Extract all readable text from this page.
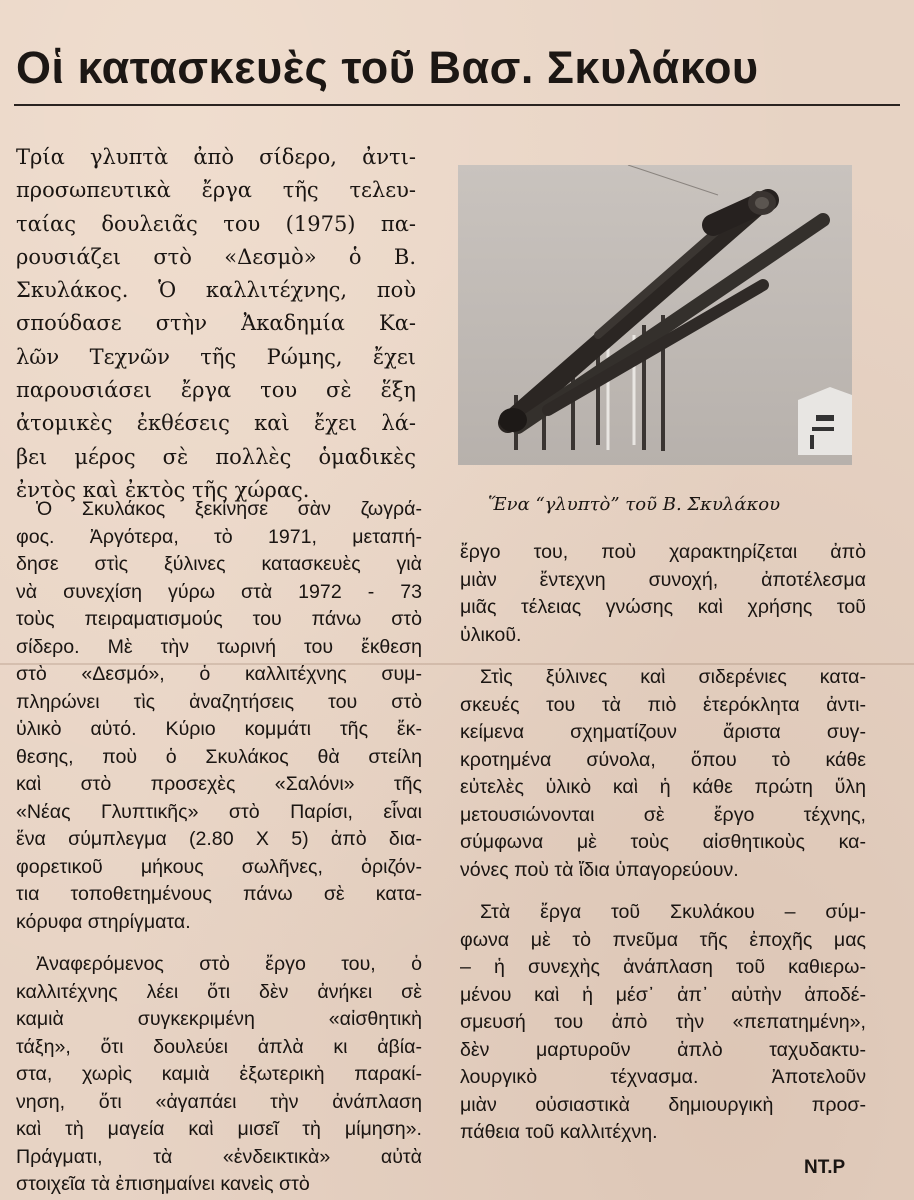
Οἱ κατασκευὲς τοῦ Βασ. Σκυλάκου
Τρία γλυπτὰ ἀπὸ σίδερο, ἀντι-
προσωπευτικὰ ἔργα τῆς τελευ-
ταίας δουλειᾶς του (1975) πα-
ρουσιάζει στὸ «Δεσμὸ» ὁ Β.
Σκυλάκος. Ὁ καλλιτέχνης, ποὺ
σπούδασε στὴν Ἀκαδημία Κα-
λῶν Τεχνῶν τῆς Ρώμης, ἔχει
παρουσιάσει ἔργα του σὲ ἕξη
ἀτομικὲς ἐκθέσεις καὶ ἔχει λά-
βει μέρος σὲ πολλὲς ὁμαδικὲς
ἐντὸς καὶ ἐκτὸς τῆς χώρας.
Ἕνα “γλυπτὸ” τοῦ Β. Σκυλάκου

Ὁ Σκυλάκος ξεκίνησε σὰν ζωγρά-
φος. Ἀργότερα, τὸ 1971, μεταπή-
δησε στὶς ξύλινες κατασκευὲς γιὰ
νὰ συνεχίση γύρω στὰ 1972 - 73
τοὺς πειραματισμούς του πάνω στὸ
σίδερο. Μὲ τὴν τωρινή του ἔκθεση
στὸ «Δεσμό», ὁ καλλιτέχνης συμ-
πληρώνει τὶς ἀναζητήσεις του στὸ
ὑλικὸ αὐτό. Κύριο κομμάτι τῆς ἔκ-
θεσης, ποὺ ὁ Σκυλάκος θὰ στείλη
καὶ στὸ προσεχὲς «Σαλόνι» τῆς
«Νέας Γλυπτικῆς» στὸ Παρίσι, εἶναι
ἕνα σύμπλεγμα (2.80 Χ 5) ἀπὸ δια-
φορετικοῦ μήκους σωλῆνες, ὁριζόν-
τια τοποθετημένους πάνω σὲ κατα-
κόρυφα στηρίγματα.

Ἀναφερόμενος στὸ ἔργο του, ὁ
καλλιτέχνης λέει ὅτι δὲν ἀνήκει σὲ
καμιὰ συγκεκριμένη «αἰσθητικὴ
τάξη», ὅτι δουλεύει ἁπλὰ κι ἀβία-
στα, χωρὶς καμιὰ ἐξωτερικὴ παρακί-
νηση, ὅτι «ἀγαπάει τὴν ἀνάπλαση
καὶ τὴ μαγεία καὶ μισεῖ τὴ μίμηση».
Πράγματι, τὰ «ἐνδεικτικὰ» αὐτὰ
στοιχεῖα τὰ ἐπισημαίνει κανεὶς στὸ

ἔργο του, ποὺ χαρακτηρίζεται ἀπὸ
μιὰν ἔντεχνη συνοχή, ἀποτέλεσμα
μιᾶς τέλειας γνώσης καὶ χρήσης τοῦ
ὑλικοῦ.

Στὶς ξύλινες καὶ σιδερένιες κατα-
σκευές του τὰ πιὸ ἑτερόκλητα ἀντι-
κείμενα σχηματίζουν ἄριστα συγ-
κροτημένα σύνολα, ὅπου τὸ κάθε
εὐτελὲς ὑλικὸ καὶ ἡ κάθε πρώτη ὕλη
μετουσιώνονται σὲ ἔργο τέχνης,
σύμφωνα μὲ τοὺς αἰσθητικοὺς κα-
νόνες ποὺ τὰ ἴδια ὑπαγορεύουν.

Στὰ ἔργα τοῦ Σκυλάκου – σύμ-
φωνα μὲ τὸ πνεῦμα τῆς ἐποχῆς μας
– ἡ συνεχὴς ἀνάπλαση τοῦ καθιερω-
μένου καὶ ἡ μέσ᾽ ἀπ᾽ αὐτὴν ἀποδέ-
σμευσή του ἀπὸ τὴν «πεπατημένη»,
δὲν μαρτυροῦν ἁπλὸ ταχυδακτυ-
λουργικὸ τέχνασμα. Ἀποτελοῦν
μιὰν οὐσιαστικὰ δημιουργικὴ προσ-
πάθεια τοῦ καλλιτέχνη.

ΝΤ.Ρ
